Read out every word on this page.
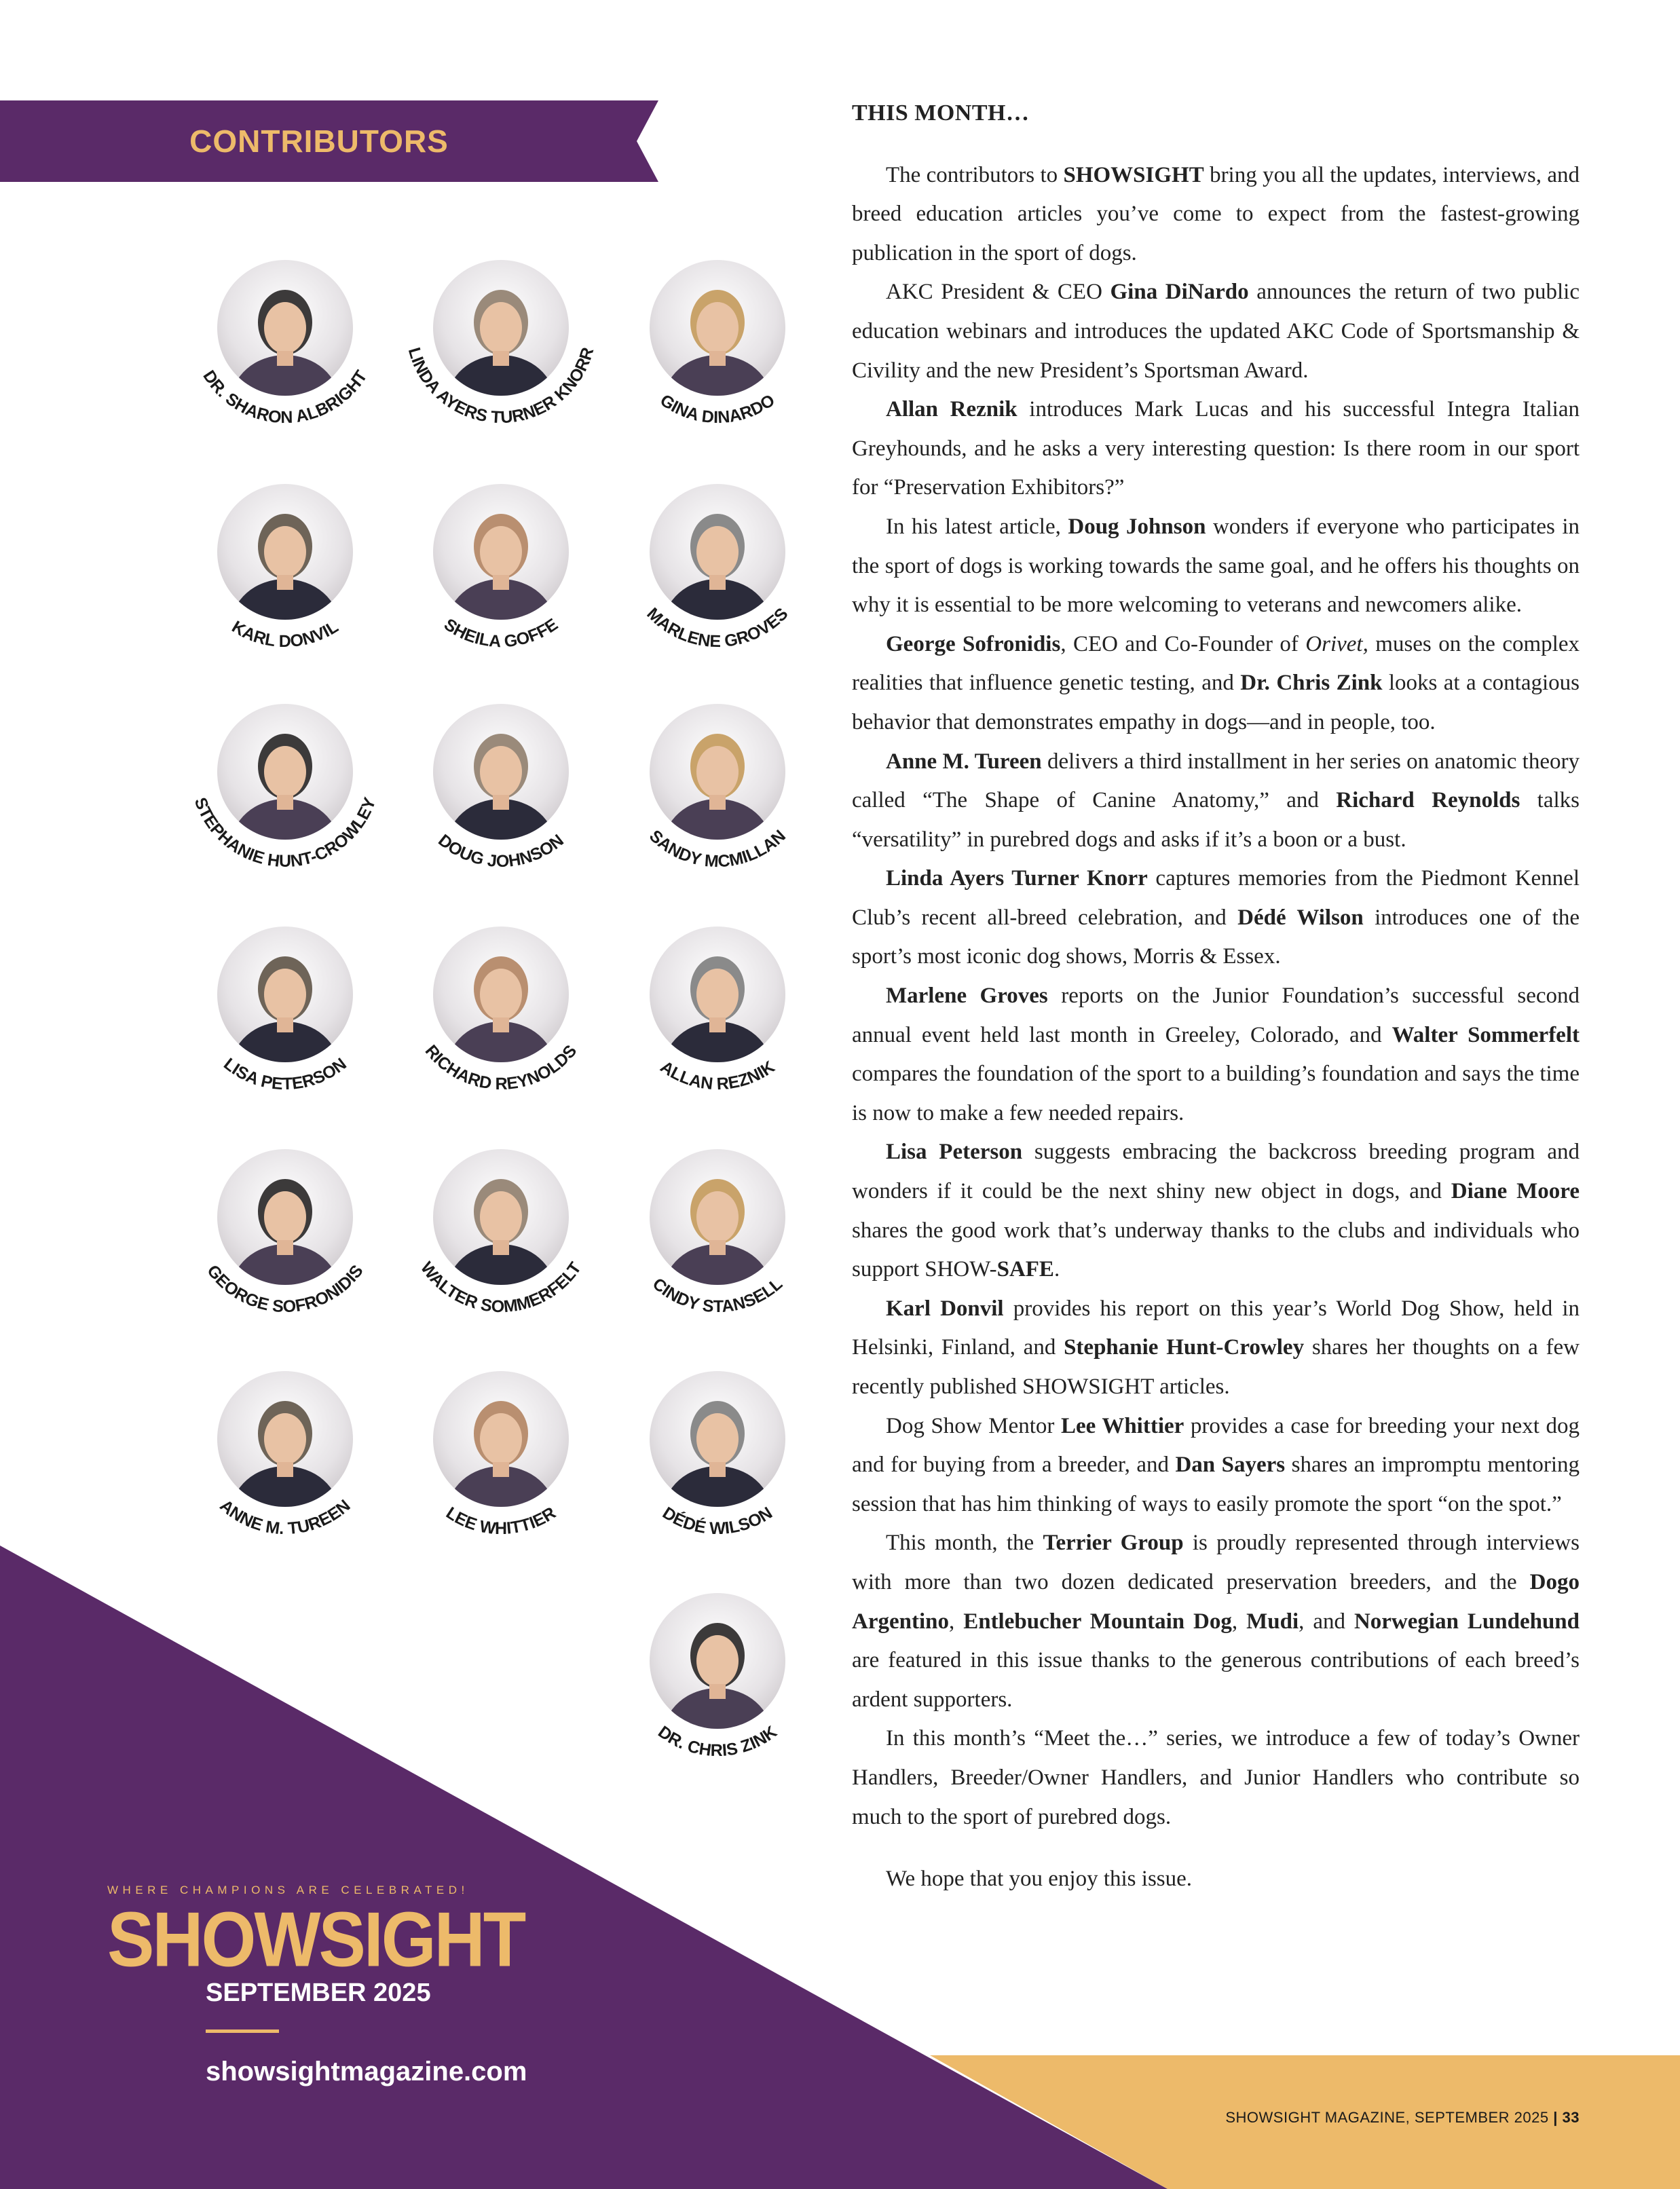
CONTRIBUTORS
DR. SHARON ALBRIGHT
LINDA AYERS TURNER KNORR
GINA DINARDO
KARL DONVIL	SHEILA GOFFE	MARLENE GROVES
STEPHANIE HUNT-CROWLEY
DOUG JOHNSON	SANDY MCMILLAN
LISA PETERSON
RICHARD REYNOLDS
ALLAN REZNIK
GEORGE SOFRONIDIS	WALTER SOMMERFELT
CINDY STANSELL
ANNE M. TUREEN	LEE WHITTIER	DÉDÉ WILSON
DR. CHRIS ZINK
THIS MONTH…

The contributors to SHOWSIGHT bring you all the updates, interviews, and breed education articles you’ve come to expect from the fastest-growing publication in the sport of dogs.

AKC President & CEO Gina DiNardo announces the return of two public education webinars and introduces the updated AKC Code of Sportsmanship & Civility and the new President’s Sportsman Award.

Allan Reznik introduces Mark Lucas and his successful Integra Italian Greyhounds, and he asks a very interesting question: Is there room in our sport for “Preservation Exhibitors?”

In his latest article, Doug Johnson wonders if everyone who participates in the sport of dogs is working towards the same goal, and he offers his thoughts on why it is essential to be more welcoming to veterans and newcomers alike.

George Sofronidis, CEO and Co-Founder of Orivet, muses on the complex realities that influence genetic testing, and Dr. Chris Zink looks at a contagious behavior that demonstrates empathy in dogs—and in people, too.

Anne M. Tureen delivers a third installment in her series on anatomic theory called “The Shape of Canine Anatomy,” and Richard Reynolds talks “versatility” in purebred dogs and asks if it’s a boon or a bust.

Linda Ayers Turner Knorr captures memories from the Piedmont Kennel Club’s recent all-breed celebration, and Dédé Wilson introduces one of the sport’s most iconic dog shows, Morris & Essex.

Marlene Groves reports on the Junior Foundation’s successful second annual event held last month in Greeley, Colorado, and Walter Sommerfelt compares the foundation of the sport to a building’s foundation and says the time is now to make a few needed repairs.

Lisa Peterson suggests embracing the backcross breeding program and wonders if it could be the next shiny new object in dogs, and Diane Moore shares the good work that’s underway thanks to the clubs and individuals who support SHOW-SAFE.

Karl Donvil provides his report on this year’s World Dog Show, held in Helsinki, Finland, and Stephanie Hunt-Crowley shares her thoughts on a few recently published SHOWSIGHT articles.

Dog Show Mentor Lee Whittier provides a case for breeding your next dog and for buying from a breeder, and Dan Sayers shares an impromptu mentoring session that has him thinking of ways to easily promote the sport “on the spot.”

This month, the Terrier Group is proudly represented through interviews with more than two dozen dedicated preservation breeders, and the Dogo Argentino, Entlebucher Mountain Dog, Mudi, and Norwegian Lundehund are featured in this issue thanks to the generous contributions of each breed’s ardent supporters.

In this month’s “Meet the…” series, we introduce a few of today’s Owner Handlers, Breeder/Owner Handlers, and Junior Handlers who contribute so much to the sport of purebred dogs.

We hope that you enjoy this issue.

WHERE CHAMPIONS ARE CELEBRATED!
SHOWSIGHT
SEPTEMBER 2025
showsightmagazine.com
SHOWSIGHT MAGAZINE, SEPTEMBER 2025 | 33
